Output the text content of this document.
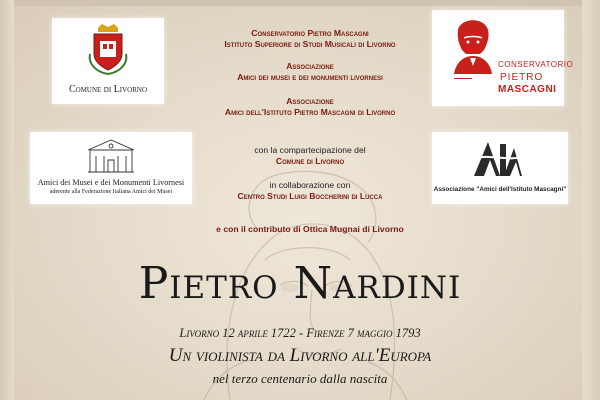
Comune di Livorno
CONSERVATORIO
PIETRO
MASCAGNI
Amici dei Musei e dei Monumenti Livornesi
aderente alla Federazione Italiana Amici dei Musei	Associazione "Amici dell'Istituto Mascagni"
Conservatorio Pietro Mascagni
Istituto Superiore di Studi Musicali di Livorno
Associazione
Amici dei musei e dei monumenti livornesi
Associazione
Amici dell'Istituto Pietro Mascagni di Livorno
con la compartecipazione del
Comune di Livorno
in collaborazione con
Centro Studi Luigi Boccherini di Lucca
e con il contributo di Ottica Mugnai di Livorno
Pietro Nardini
Livorno 12 aprile 1722 - Firenze 7 maggio 1793
Un violinista da Livorno all'Europa
nel terzo centenario dalla nascita
